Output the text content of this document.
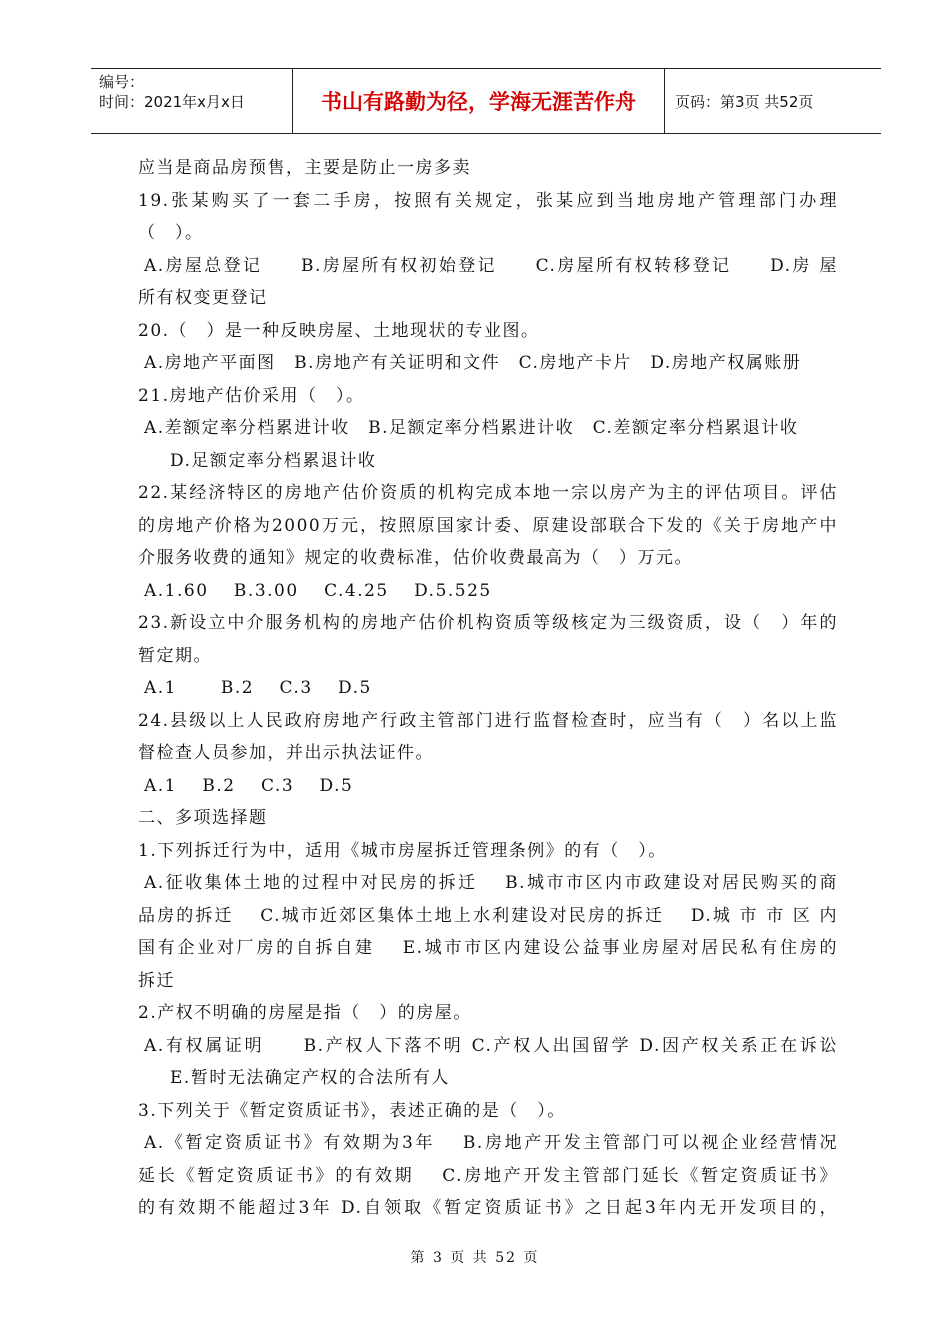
编号：
时间：2021年x月x日	书山有路勤为径，学海无涯苦作舟	页码：第3页 共52页
应当是商品房预售，主要是防止一房多卖
19.张某购买了一套二手房，按照有关规定，张某应到当地房地产管理部门办理
（　）。
A.房屋总登记　　B.房屋所有权初始登记　　C.房屋所有权转移登记　　D.房 屋
所有权变更登记
20.（　）是一种反映房屋、土地现状的专业图。
A.房地产平面图　B.房地产有关证明和文件　C.房地产卡片　D.房地产权属账册
21.房地产估价采用（　）。
A.差额定率分档累进计收　B.足额定率分档累进计收　C.差额定率分档累退计收
D.足额定率分档累退计收
22.某经济特区的房地产估价资质的机构完成本地一宗以房产为主的评估项目。评估
的房地产价格为2000万元，按照原国家计委、原建设部联合下发的《关于房地产中
介服务收费的通知》规定的收费标准，估价收费最高为（　）万元。
A.1.60　 B.3.00　 C.4.25　 D.5.525
23.新设立中介服务机构的房地产估价机构资质等级核定为三级资质，设（　）年的
暂定期。
A.1　　 B.2　 C.3　 D.5
24.县级以上人民政府房地产行政主管部门进行监督检查时，应当有（　）名以上监
督检查人员参加，并出示执法证件。
A.1　 B.2　 C.3　 D.5
二、多项选择题
1.下列拆迁行为中，适用《城市房屋拆迁管理条例》的有（　）。
A.征收集体土地的过程中对民房的拆迁　 B.城市市区内市政建设对居民购买的商
品房的拆迁　 C.城市近郊区集体土地上水利建设对民房的拆迁　 D.城 市 市 区 内
国有企业对厂房的自拆自建　 E.城市市区内建设公益事业房屋对居民私有住房的
拆迁
2.产权不明确的房屋是指（　）的房屋。
A.有权属证明　　B.产权人下落不明 C.产权人出国留学 D.因产权关系正在诉讼
E.暂时无法确定产权的合法所有人
3.下列关于《暂定资质证书》，表述正确的是（　）。
A.《暂定资质证书》有效期为3年　 B.房地产开发主管部门可以视企业经营情况
延长《暂定资质证书》的有效期　 C.房地产开发主管部门延长《暂定资质证书》
的有效期不能超过3年 D.自领取《暂定资质证书》之日起3年内无开发项目的，
第 3 页 共 52 页
